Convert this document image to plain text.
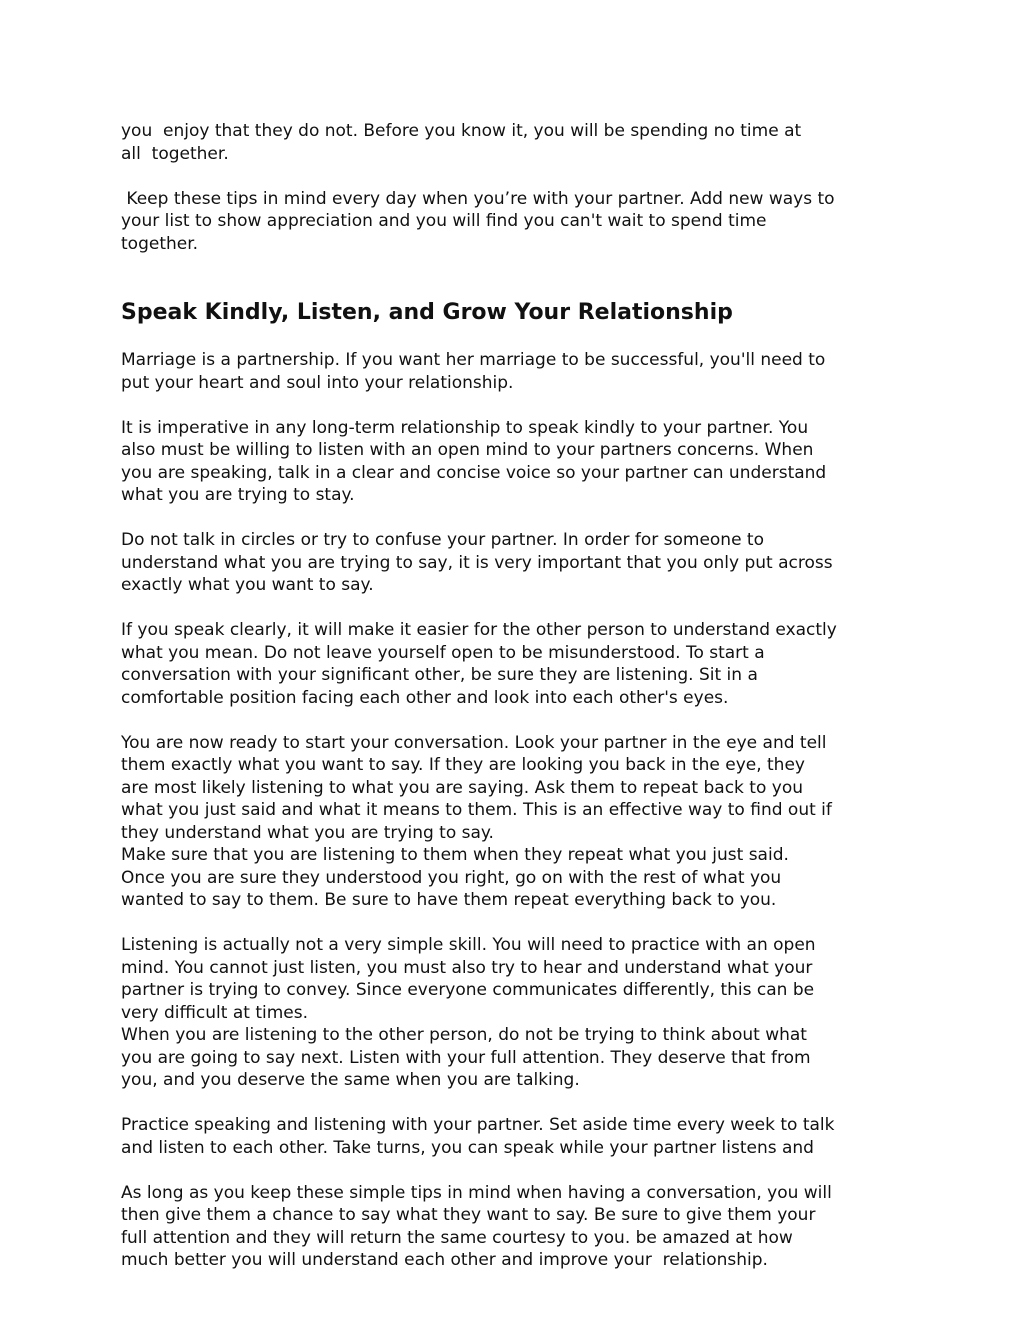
you  enjoy that they do not. Before you know it, you will be spending no time at

all  together.

Keep these tips in mind every day when you’re with your partner. Add new ways to

your list to show appreciation and you will find you can't wait to spend time

together.

Speak Kindly, Listen, and Grow Your Relationship

Marriage is a partnership. If you want her marriage to be successful, you'll need to

put your heart and soul into your relationship.

It is imperative in any long-term relationship to speak kindly to your partner. You

also must be willing to listen with an open mind to your partners concerns. When

you are speaking, talk in a clear and concise voice so your partner can understand

what you are trying to stay.

Do not talk in circles or try to confuse your partner. In order for someone to

understand what you are trying to say, it is very important that you only put across

exactly what you want to say.

If you speak clearly, it will make it easier for the other person to understand exactly

what you mean. Do not leave yourself open to be misunderstood. To start a

conversation with your significant other, be sure they are listening. Sit in a

comfortable position facing each other and look into each other's eyes.

You are now ready to start your conversation. Look your partner in the eye and tell

them exactly what you want to say. If they are looking you back in the eye, they

are most likely listening to what you are saying. Ask them to repeat back to you

what you just said and what it means to them. This is an effective way to find out if

they understand what you are trying to say.

Make sure that you are listening to them when they repeat what you just said.

Once you are sure they understood you right, go on with the rest of what you

wanted to say to them. Be sure to have them repeat everything back to you.

Listening is actually not a very simple skill. You will need to practice with an open

mind. You cannot just listen, you must also try to hear and understand what your

partner is trying to convey. Since everyone communicates differently, this can be

very difficult at times.

When you are listening to the other person, do not be trying to think about what

you are going to say next. Listen with your full attention. They deserve that from

you, and you deserve the same when you are talking.

Practice speaking and listening with your partner. Set aside time every week to talk

and listen to each other. Take turns, you can speak while your partner listens and

As long as you keep these simple tips in mind when having a conversation, you will

then give them a chance to say what they want to say. Be sure to give them your

full attention and they will return the same courtesy to you. be amazed at how

much better you will understand each other and improve your  relationship.
